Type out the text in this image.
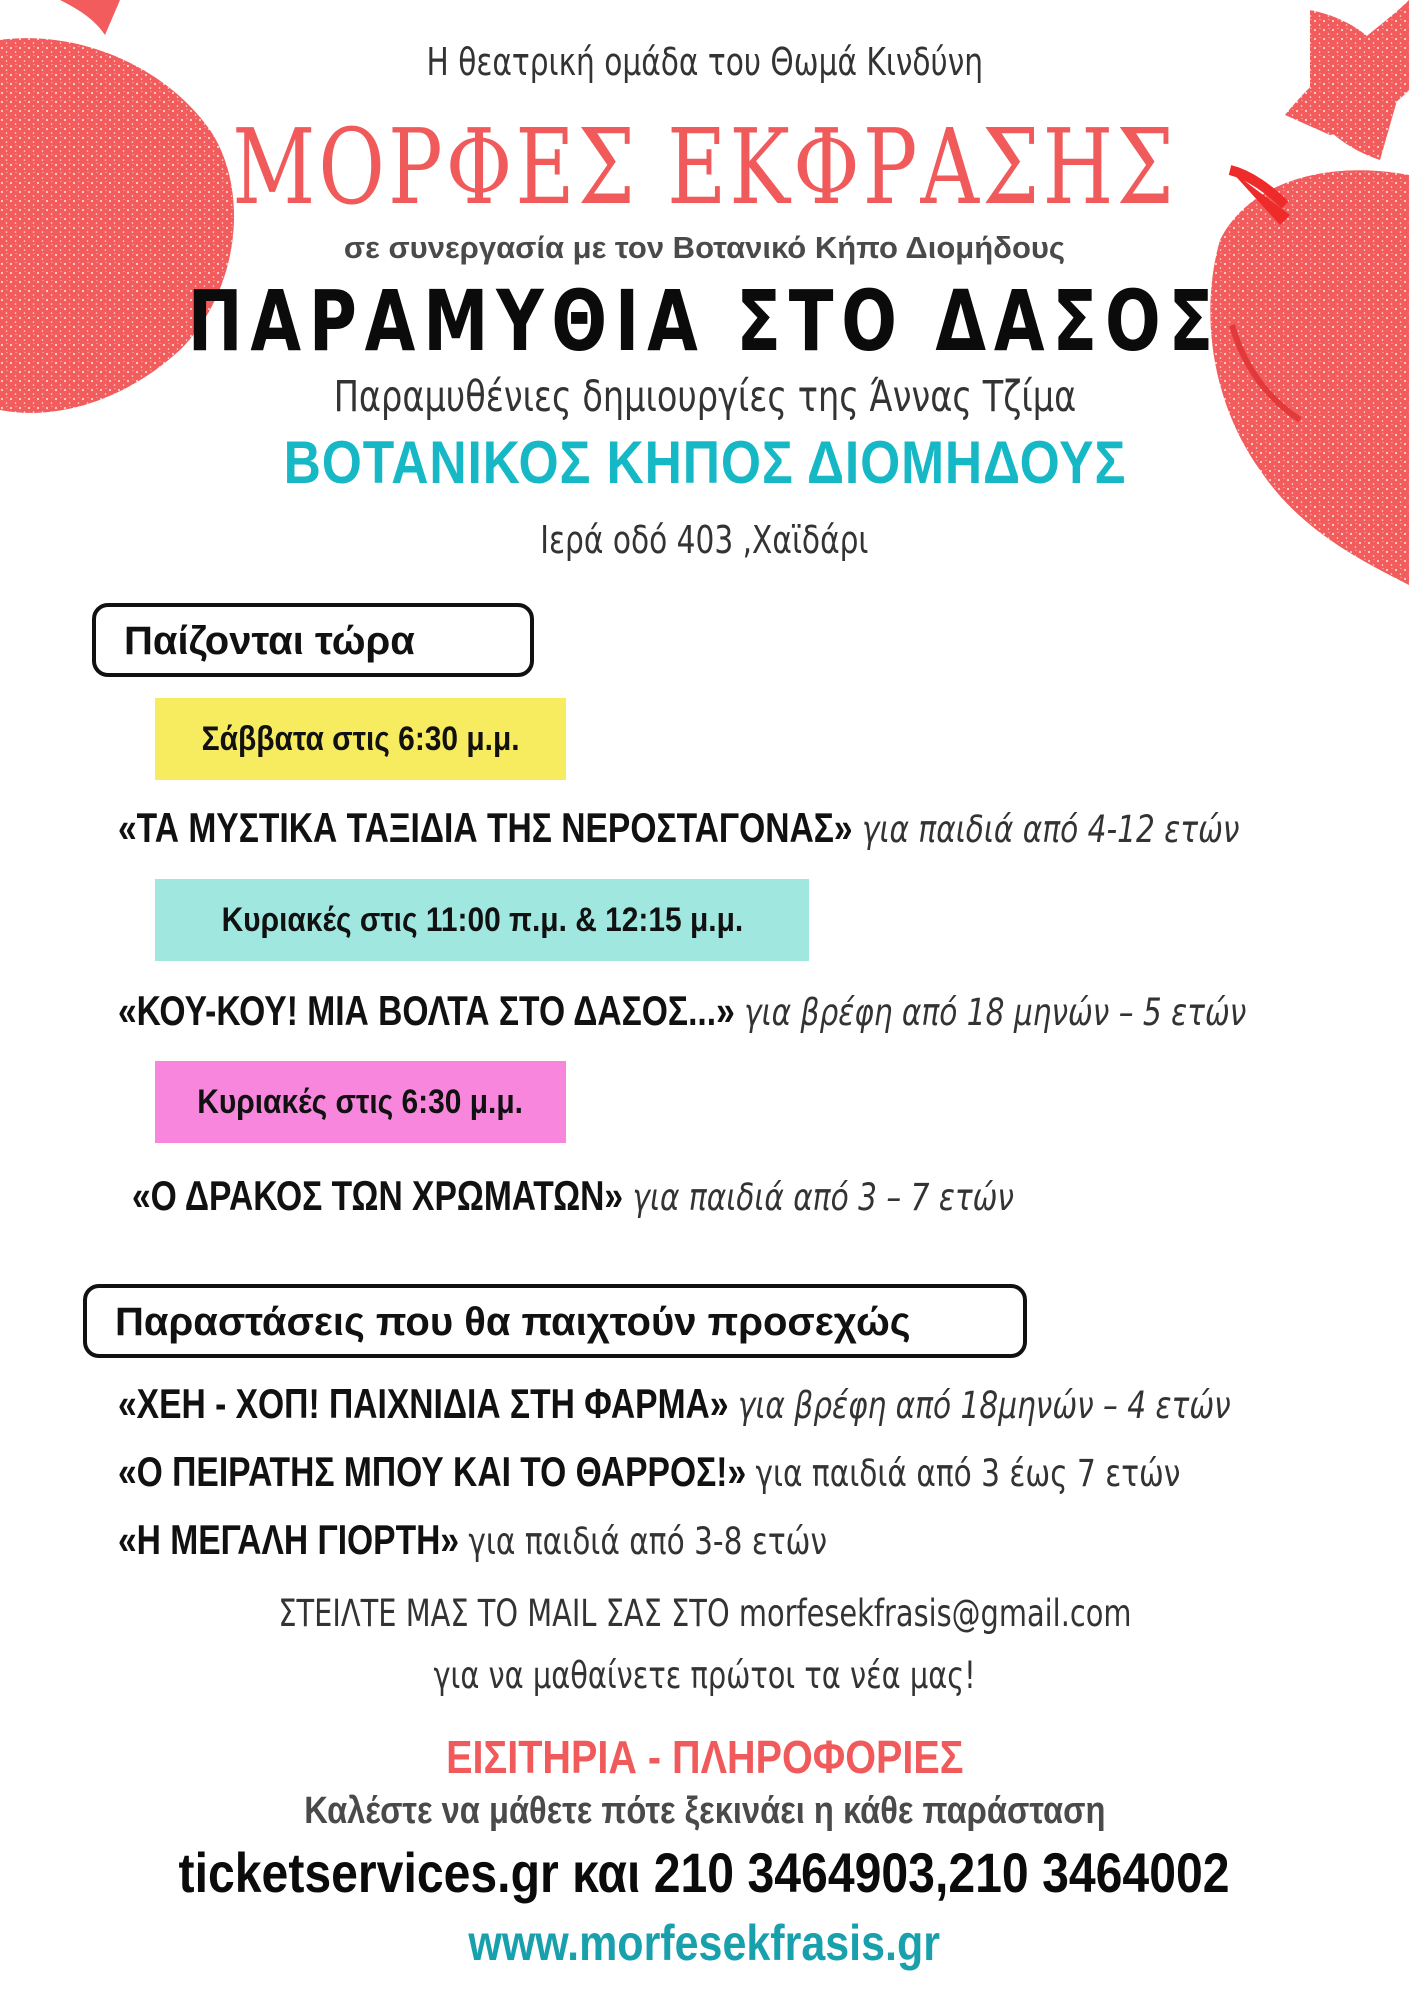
Η θεατρική ομάδα του Θωμά Κινδύνη
ΜΟΡΦΕΣ ΕΚΦΡΑΣΗΣ
σε συνεργασία με τον Βοτανικό Κήπο Διομήδους
ΠΑΡΑΜΥΘΙΑ ΣΤΟ ΔΑΣΟΣ
Παραμυθένιες δημιουργίες της Άννας Τζίμα
ΒΟΤΑΝΙΚΟΣ ΚΗΠΟΣ ΔΙΟΜΗΔΟΥΣ
Ιερά οδό 403 ,Χαϊδάρι
Παίζονται τώρα
Σάββατα στις 6:30 μ.μ.
«ΤΑ ΜΥΣΤΙΚΑ ΤΑΞΙΔΙΑ ΤΗΣ ΝΕΡΟΣΤΑΓΟΝΑΣ» για παιδιά από 4-12 ετών
Κυριακές στις 11:00 π.μ. & 12:15 μ.μ.
«ΚΟΥ-ΚΟΥ! ΜΙΑ ΒΟΛΤΑ ΣΤΟ ΔΑΣΟΣ...» για βρέφη από 18 μηνών – 5 ετών
Κυριακές στις 6:30 μ.μ.
«Ο ΔΡΑΚΟΣ ΤΩΝ ΧΡΩΜΑΤΩΝ» για παιδιά από 3 – 7 ετών
Παραστάσεις που θα παιχτούν προσεχώς
«ΧΕΗ - ΧΟΠ! ΠΑΙΧΝΙΔΙΑ ΣΤΗ ΦΑΡΜΑ» για βρέφη από 18μηνών – 4 ετών
«Ο ΠΕΙΡΑΤΗΣ ΜΠΟΥ ΚΑΙ ΤΟ ΘΑΡΡΟΣ!» για παιδιά από 3 έως 7 ετών
«Η ΜΕΓΑΛΗ ΓΙΟΡΤΗ» για παιδιά από 3-8 ετών
ΣΤΕΙΛΤΕ ΜΑΣ ΤΟ MAIL ΣΑΣ ΣΤΟ morfesekfrasis@gmail.com
για να μαθαίνετε πρώτοι τα νέα μας!
ΕΙΣΙΤΗΡΙΑ - ΠΛΗΡΟΦΟΡΙΕΣ
Καλέστε να μάθετε πότε ξεκινάει η κάθε παράσταση
ticketservices.gr και 210 3464903,210 3464002
www.morfesekfrasis.gr
